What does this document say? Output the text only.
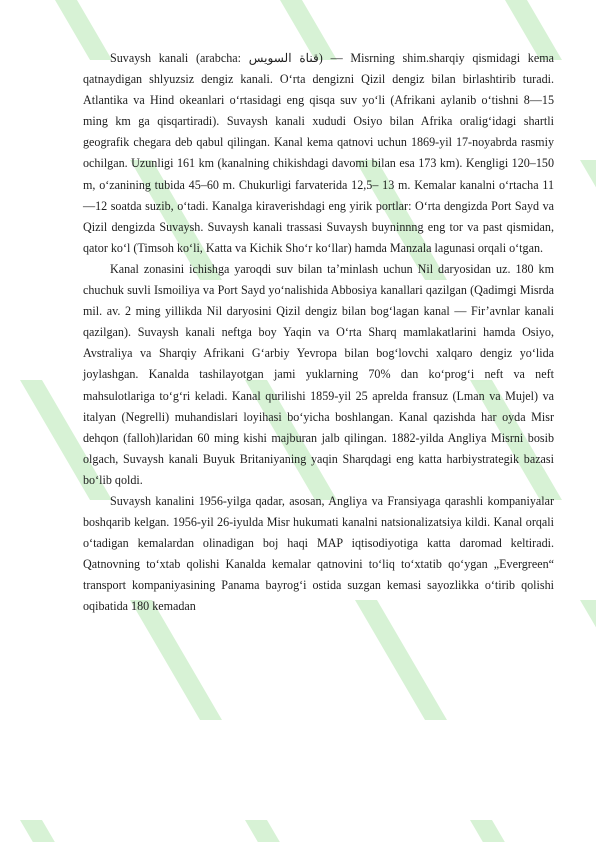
Suvaysh kanali (arabcha: قناة السويس) — Misrning shim.sharqiy qismidagi kema qatnaydigan shlyuzsiz dengiz kanali. O‘rta dengizni Qizil dengiz bilan birlashtirib turadi. Atlantika va Hind okeanlari o‘rtasidagi eng qisqa suv yo‘li (Afrikani aylanib o‘tishni 8—15 ming km ga qisqartiradi). Suvaysh kanali xududi Osiyo bilan Afrika oralig‘idagi shartli geografik chegara deb qabul qilingan. Kanal kema qatnovi uchun 1869-yil 17-noyabrda rasmiy ochilgan. Uzunligi 161 km (kanalning chikishdagi davomi bilan esa 173 km). Kengligi 120–150 m, o‘zanining tubida 45–60 m. Chukurligi farvaterida 12,5– 13 m. Kemalar kanalni o‘rtacha 11—12 soatda suzib, o‘tadi. Kanalga kiraverishdagi eng yirik portlar: O‘rta dengizda Port Sayd va Qizil dengizda Suvaysh. Suvaysh kanali trassasi Suvaysh buyninnng eng tor va past qismidan, qator ko‘l (Timsoh ko‘li, Katta va Kichik Sho‘r ko‘llar) hamda Manzala lagunasi orqali o‘tgan.

Kanal zonasini ichishga yaroqdi suv bilan ta’minlash uchun Nil daryosidan uz. 180 km chuchuk suvli Ismoiliya va Port Sayd yo‘nalishida Abbosiya kanallari qazilgan (Qadimgi Misrda mil. av. 2 ming yillikda Nil daryosini Qizil dengiz bilan bog‘lagan kanal — Fir’avnlar kanali qazilgan). Suvaysh kanali neftga boy Yaqin va O‘rta Sharq mamlakatlarini hamda Osiyo, Avstraliya va Sharqiy Afrikani G‘arbiy Yevropa bilan bog‘lovchi xalqaro dengiz yo‘lida joylashgan. Kanalda tashilayotgan jami yuklarning 70% dan ko‘prog‘i neft va neft mahsulotlariga to‘g‘ri keladi. Kanal qurilishi 1859-yil 25 aprelda fransuz (Lman va Mujel) va italyan (Negrelli) muhandislari loyihasi bo‘yicha boshlangan. Kanal qazishda har oyda Misr dehqon (falloh)laridan 60 ming kishi majburan jalb qilingan. 1882-yilda Angliya Misrni bosib olgach, Suvaysh kanali Buyuk Britaniyaning yaqin Sharqdagi eng katta harbiystrategik bazasi bo‘lib qoldi.

Suvaysh kanalini 1956-yilga qadar, asosan, Angliya va Fransiyaga qarashli kompaniyalar boshqarib kelgan. 1956-yil 26-iyulda Misr hukumati kanalni natsionalizatsiya kildi. Kanal orqali o‘tadigan kemalardan olinadigan boj haqi MAP iqtisodiyotiga katta daromad keltiradi. Qatnovning to‘xtab qolishi Kanalda kemalar qatnovini to‘liq to‘xtatib qo‘ygan „Evergreen“ transport kompaniyasining Panama bayrog‘i ostida suzgan kemasi sayozlikka o‘tirib qolishi oqibatida 180 kemadan
